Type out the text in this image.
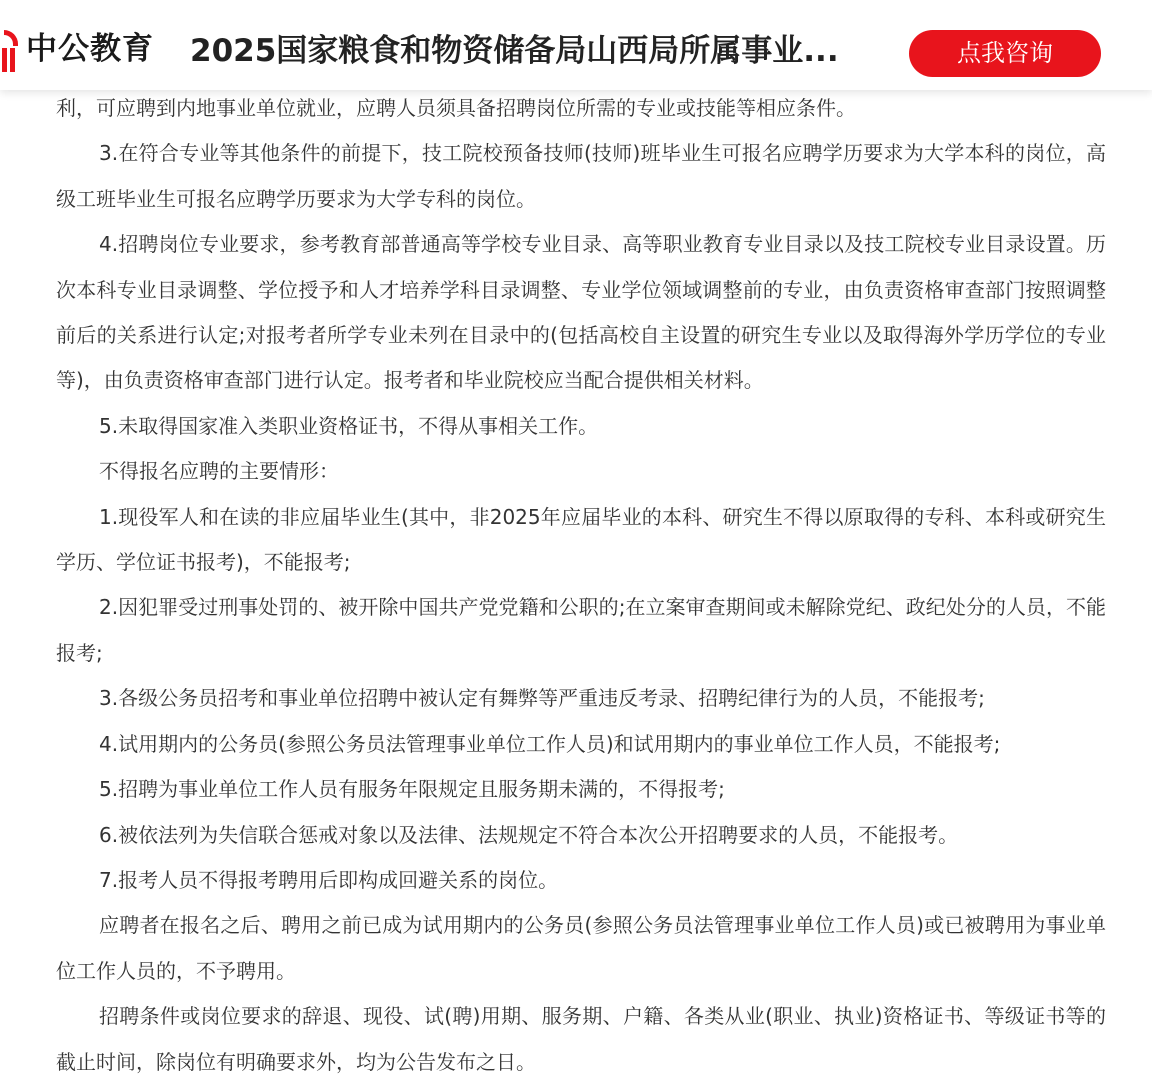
中公教育 2025国家粮食和物资储备局山西局所属事业...	点我咨询

利，可应聘到内地事业单位就业，应聘人员须具备招聘岗位所需的专业或技能等相应条件。

3.在符合专业等其他条件的前提下，技工院校预备技师(技师)班毕业生可报名应聘学历要求为大学本科的岗位，高级工班毕业生可报名应聘学历要求为大学专科的岗位。

4.招聘岗位专业要求，参考教育部普通高等学校专业目录、高等职业教育专业目录以及技工院校专业目录设置。历次本科专业目录调整、学位授予和人才培养学科目录调整、专业学位领域调整前的专业，由负责资格审查部门按照调整前后的关系进行认定;对报考者所学专业未列在目录中的(包括高校自主设置的研究生专业以及取得海外学历学位的专业等)，由负责资格审查部门进行认定。报考者和毕业院校应当配合提供相关材料。

5.未取得国家准入类职业资格证书，不得从事相关工作。

不得报名应聘的主要情形：

1.现役军人和在读的非应届毕业生(其中，非2025年应届毕业的本科、研究生不得以原取得的专科、本科或研究生学历、学位证书报考)，不能报考;

2.因犯罪受过刑事处罚的、被开除中国共产党党籍和公职的;在立案审查期间或未解除党纪、政纪处分的人员，不能报考;

3.各级公务员招考和事业单位招聘中被认定有舞弊等严重违反考录、招聘纪律行为的人员，不能报考;

4.试用期内的公务员(参照公务员法管理事业单位工作人员)和试用期内的事业单位工作人员，不能报考;

5.招聘为事业单位工作人员有服务年限规定且服务期未满的，不得报考;

6.被依法列为失信联合惩戒对象以及法律、法规规定不符合本次公开招聘要求的人员，不能报考。

7.报考人员不得报考聘用后即构成回避关系的岗位。

应聘者在报名之后、聘用之前已成为试用期内的公务员(参照公务员法管理事业单位工作人员)或已被聘用为事业单位工作人员的，不予聘用。

招聘条件或岗位要求的辞退、现役、试(聘)用期、服务期、户籍、各类从业(职业、执业)资格证书、等级证书等的截止时间，除岗位有明确要求外，均为公告发布之日。
